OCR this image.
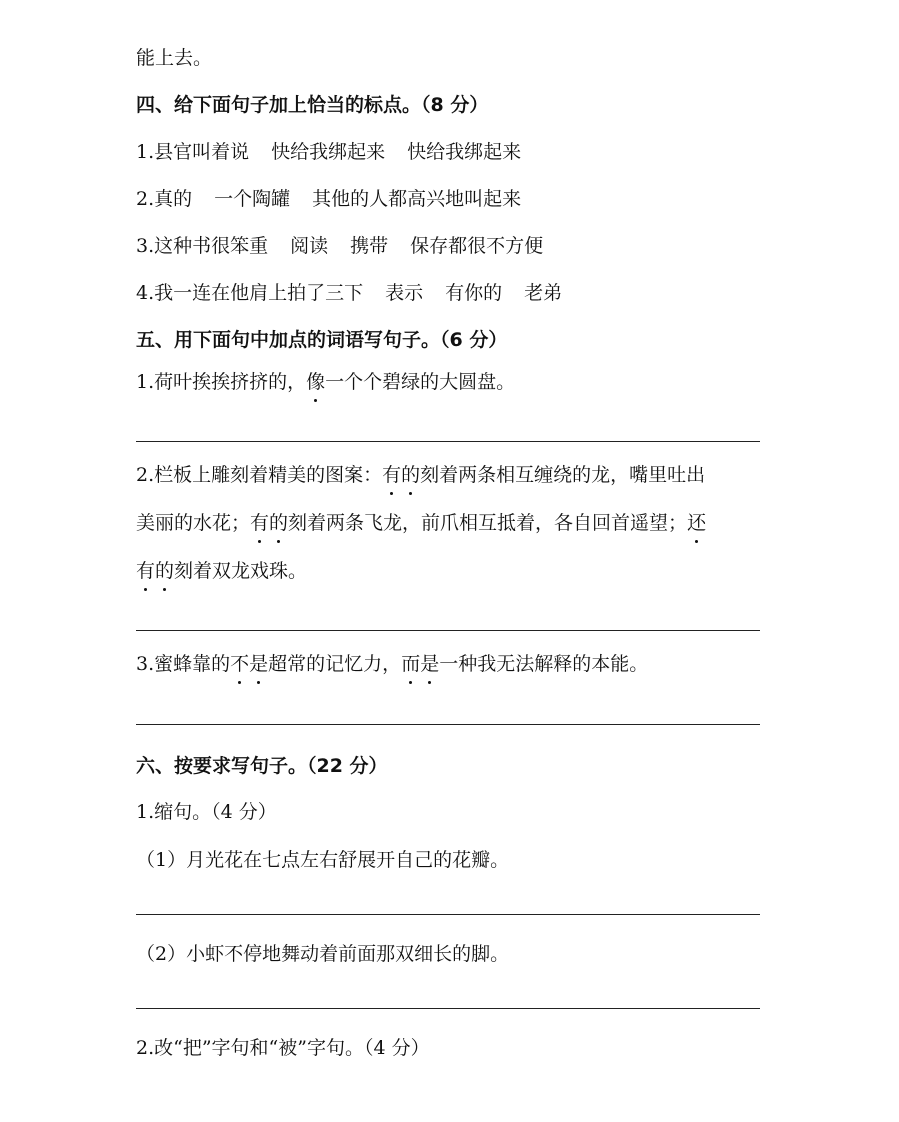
能上去。
四、给下面句子加上恰当的标点。（8 分）
1.县官叫着说 快给我绑起来 快给我绑起来
2.真的 一个陶罐 其他的人都高兴地叫起来
3.这种书很笨重 阅读 携带 保存都很不方便
4.我一连在他肩上拍了三下 表示 有你的 老弟
五、用下面句中加点的词语写句子。（6 分）
1.荷叶挨挨挤挤的，像一个个碧绿的大圆盘。
2.栏板上雕刻着精美的图案：有的刻着两条相互缠绕的龙，嘴里吐出
美丽的水花；有的刻着两条飞龙，前爪相互抵着，各自回首遥望；还
有的刻着双龙戏珠。
3.蜜蜂靠的不是超常的记忆力，而是一种我无法解释的本能。
六、按要求写句子。（22 分）
1.缩句。（4 分）
（1）月光花在七点左右舒展开自己的花瓣。
（2）小虾不停地舞动着前面那双细长的脚。
2.改“把”字句和“被”字句。（4 分）
